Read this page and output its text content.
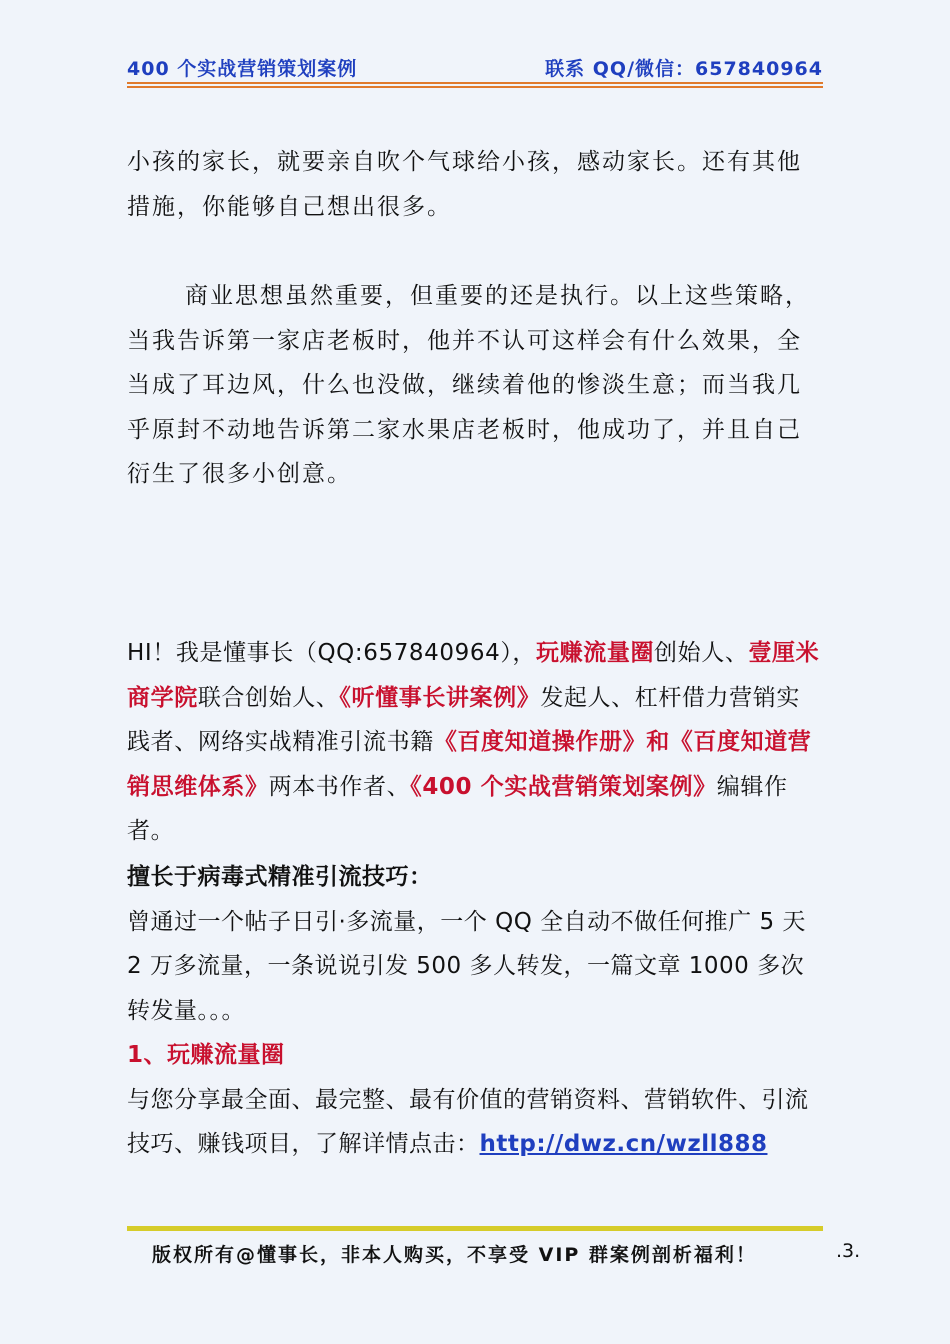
400 个实战营销策划案例	联系 QQ/微信：657840964
小孩的家长，就要亲自吹个气球给小孩，感动家长。还有其他措施，你能够自己想出很多。
商业思想虽然重要，但重要的还是执行。以上这些策略，当我告诉第一家店老板时，他并不认可这样会有什么效果，全当成了耳边风，什么也没做，继续着他的惨淡生意；而当我几乎原封不动地告诉第二家水果店老板时，他成功了，并且自己衍生了很多小创意。
HI！我是懂事长（QQ:657840964），玩赚流量圈创始人、壹厘米商学院联合创始人、《听懂事长讲案例》发起人、杠杆借力营销实践者、网络实战精准引流书籍《百度知道操作册》和《百度知道营销思维体系》两本书作者、《400 个实战营销策划案例》编辑作者。
擅长于病毒式精准引流技巧：
曾通过一个帖子日引·多流量，一个 QQ 全自动不做任何推广 5 天 2 万多流量，一条说说引发 500 多人转发，一篇文章 1000 多次转发量。。。
1、玩赚流量圈
与您分享最全面、最完整、最有价值的营销资料、营销软件、引流技巧、赚钱项目，了解详情点击：http://dwz.cn/wzll888
版权所有@懂事长，非本人购买，不享受 VIP 群案例剖析福利！	.3.
